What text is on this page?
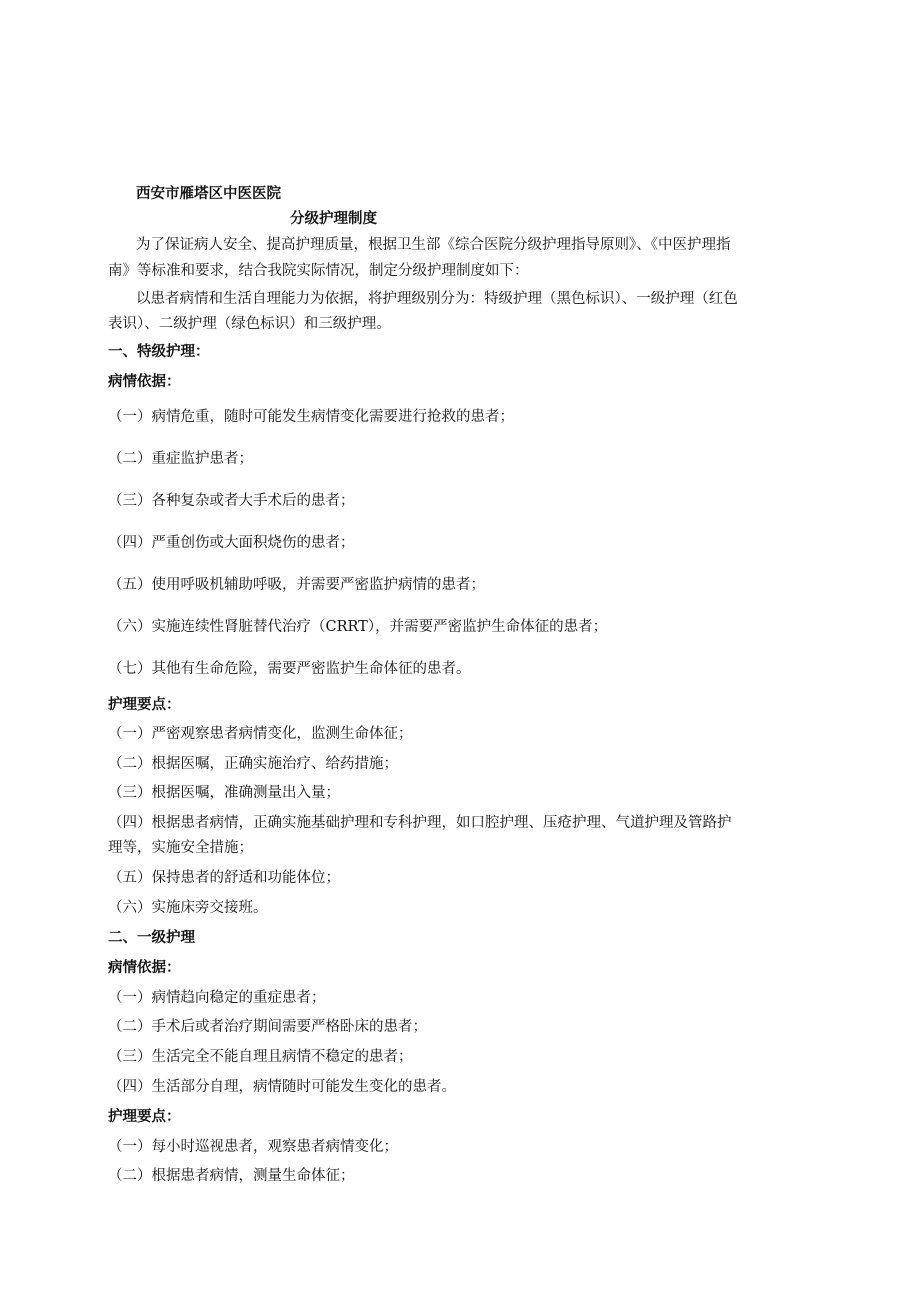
西安市雁塔区中医医院
分级护理制度
为了保证病人安全、提高护理质量，根据卫生部《综合医院分级护理指导原则》、《中医护理指
南》等标准和要求，结合我院实际情况，制定分级护理制度如下：
以患者病情和生活自理能力为依据，将护理级别分为：特级护理（黑色标识）、一级护理（红色
表识）、二级护理（绿色标识）和三级护理。
一、特级护理：
病情依据：
（一）病情危重，随时可能发生病情变化需要进行抢救的患者；
（二）重症监护患者；
（三）各种复杂或者大手术后的患者；
（四）严重创伤或大面积烧伤的患者；
（五）使用呼吸机辅助呼吸，并需要严密监护病情的患者；
（六）实施连续性肾脏替代治疗（CRRT），并需要严密监护生命体征的患者；
（七）其他有生命危险，需要严密监护生命体征的患者。
护理要点：
（一）严密观察患者病情变化，监测生命体征；
（二）根据医嘱，正确实施治疗、给药措施；
（三）根据医嘱，准确测量出入量；
（四）根据患者病情，正确实施基础护理和专科护理，如口腔护理、压疮护理、气道护理及管路护
理等，实施安全措施；
（五）保持患者的舒适和功能体位；
（六）实施床旁交接班。
二、一级护理
病情依据：
（一）病情趋向稳定的重症患者；
（二）手术后或者治疗期间需要严格卧床的患者；
（三）生活完全不能自理且病情不稳定的患者；
（四）生活部分自理，病情随时可能发生变化的患者。
护理要点：
（一）每小时巡视患者，观察患者病情变化；
（二）根据患者病情，测量生命体征；
